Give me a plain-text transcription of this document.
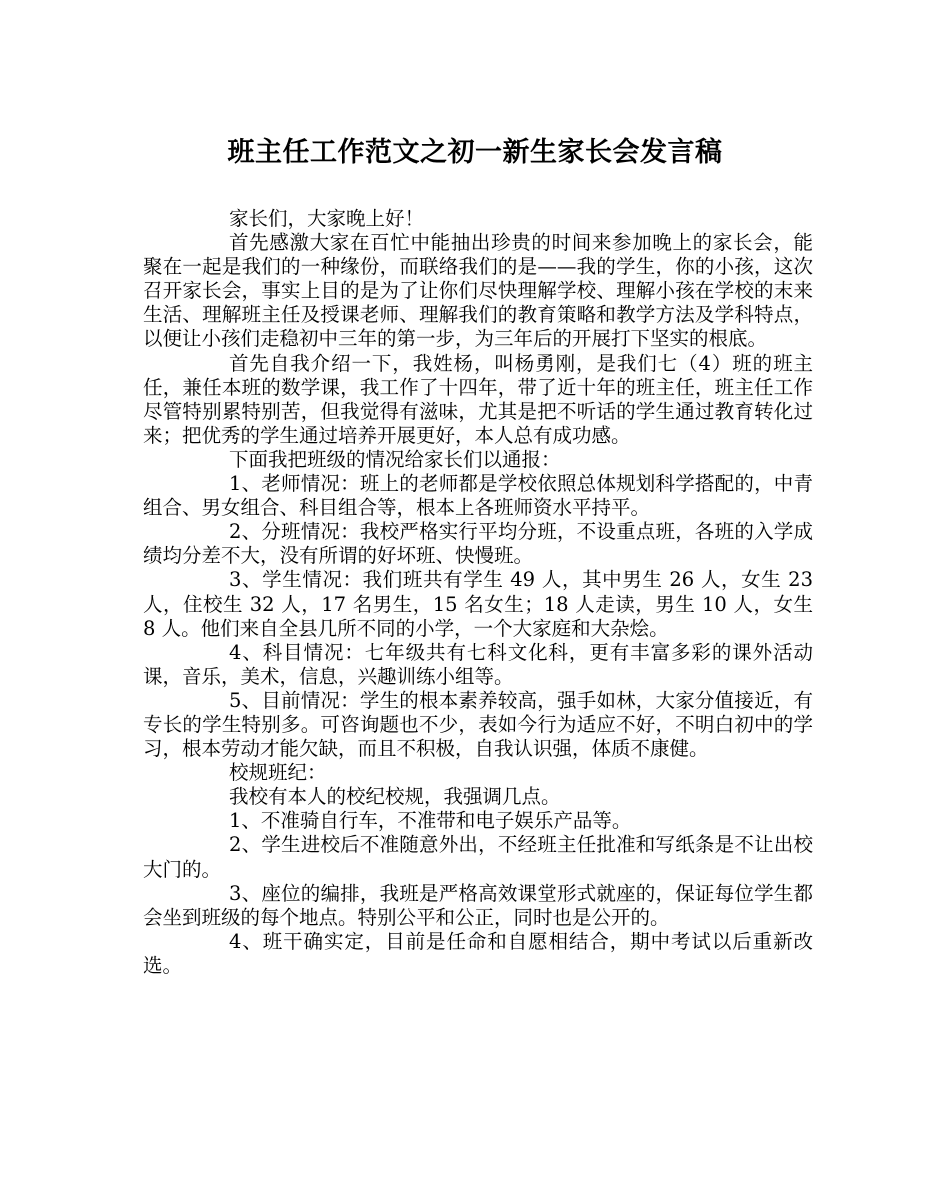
班主任工作范文之初一新生家长会发言稿

家长们，大家晚上好！

首先感激大家在百忙中能抽出珍贵的时间来参加晚上的家长会，能聚在一起是我们的一种缘份，而联络我们的是——我的学生，你的小孩，这次召开家长会，事实上目的是为了让你们尽快理解学校、理解小孩在学校的末来生活、理解班主任及授课老师、理解我们的教育策略和教学方法及学科特点，以便让小孩们走稳初中三年的第一步，为三年后的开展打下坚实的根底。

首先自我介绍一下，我姓杨，叫杨勇刚，是我们七（4）班的班主任，兼任本班的数学课，我工作了十四年，带了近十年的班主任，班主任工作尽管特别累特别苦，但我觉得有滋味，尤其是把不听话的学生通过教育转化过来；把优秀的学生通过培养开展更好，本人总有成功感。

下面我把班级的情况给家长们以通报：

1、老师情况：班上的老师都是学校依照总体规划科学搭配的，中青组合、男女组合、科目组合等，根本上各班师资水平持平。

2、分班情况：我校严格实行平均分班，不设重点班，各班的入学成绩均分差不大，没有所谓的好坏班、快慢班。

3、学生情况：我们班共有学生 49 人，其中男生 26 人，女生 23 人，住校生 32 人，17 名男生，15 名女生；18 人走读，男生 10 人，女生 8 人。他们来自全县几所不同的小学，一个大家庭和大杂烩。

4、科目情况：七年级共有七科文化科，更有丰富多彩的课外活动课，音乐，美术，信息，兴趣训练小组等。

5、目前情况：学生的根本素养较高，强手如林，大家分值接近，有专长的学生特别多。可咨询题也不少，表如今行为适应不好，不明白初中的学习，根本劳动才能欠缺，而且不积极，自我认识强，体质不康健。

校规班纪：

我校有本人的校纪校规，我强调几点。

1、不准骑自行车，不准带和电子娱乐产品等。

2、学生进校后不准随意外出，不经班主任批准和写纸条是不让出校大门的。

3、座位的编排，我班是严格高效课堂形式就座的，保证每位学生都会坐到班级的每个地点。特别公平和公正，同时也是公开的。

4、班干确实定，目前是任命和自愿相结合，期中考试以后重新改选。
